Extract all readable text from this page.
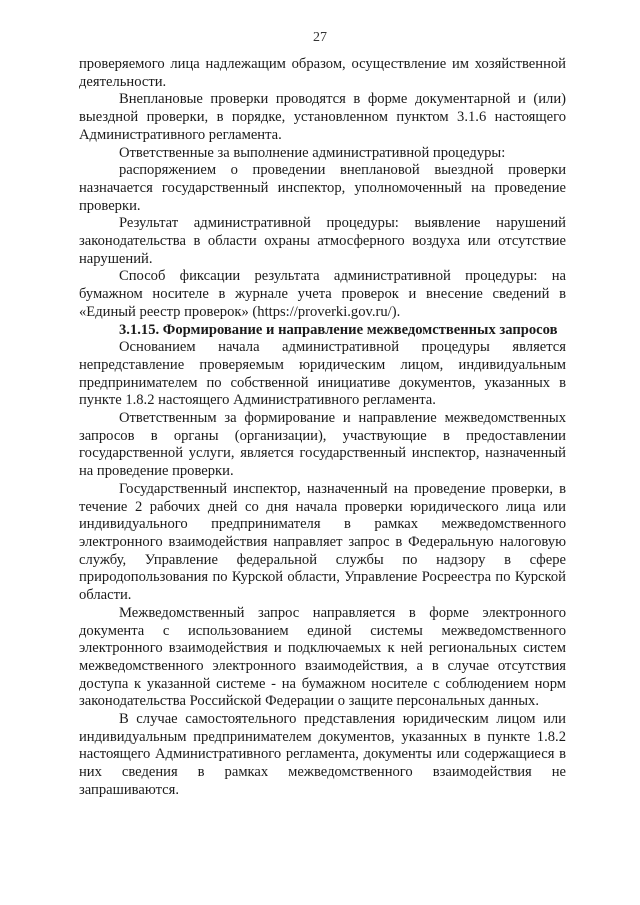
27

проверяемого лица надлежащим образом, осуществление им хозяйственной деятельности.

Внеплановые проверки проводятся в форме документарной и (или) выездной проверки, в порядке, установленном пунктом 3.1.6 настоящего Административного регламента.

Ответственные за выполнение административной процедуры:

распоряжением о проведении внеплановой выездной проверки назначается государственный инспектор, уполномоченный на проведение проверки.

Результат административной процедуры: выявление нарушений законодательства в области охраны атмосферного воздуха или отсутствие нарушений.

Способ фиксации результата административной процедуры: на бумажном носителе в журнале учета проверок и внесение сведений в «Единый реестр проверок» (https://proverki.gov.ru/).

3.1.15. Формирование и направление межведомственных запросов

Основанием начала административной процедуры является непредставление проверяемым юридическим лицом, индивидуальным предпринимателем по собственной инициативе документов, указанных в пункте 1.8.2 настоящего Административного регламента.

Ответственным за формирование и направление межведомственных запросов в органы (организации), участвующие в предоставлении государственной услуги, является государственный инспектор, назначенный на проведение проверки.

Государственный инспектор, назначенный на проведение проверки, в течение 2 рабочих дней со дня начала проверки юридического лица или индивидуального предпринимателя в рамках межведомственного электронного взаимодействия направляет запрос в Федеральную налоговую службу, Управление федеральной службы по надзору в сфере природопользования по Курской области, Управление Росреестра по Курской области.

Межведомственный запрос направляется в форме электронного документа с использованием единой системы межведомственного электронного взаимодействия и подключаемых к ней региональных систем межведомственного электронного взаимодействия, а в случае отсутствия доступа к указанной системе - на бумажном носителе с соблюдением норм законодательства Российской Федерации о защите персональных данных.

В случае самостоятельного представления юридическим лицом или индивидуальным предпринимателем документов, указанных в пункте 1.8.2 настоящего Административного регламента, документы или содержащиеся в них сведения в рамках межведомственного взаимодействия не запрашиваются.
